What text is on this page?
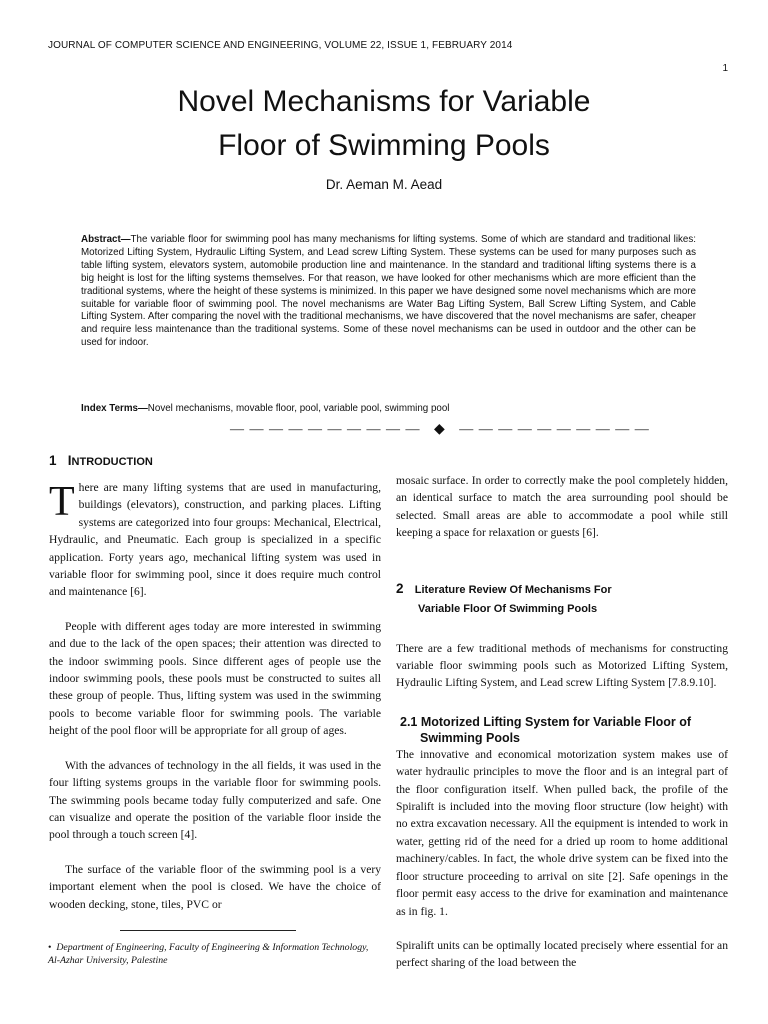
JOURNAL OF COMPUTER SCIENCE AND ENGINEERING, VOLUME 22, ISSUE 1, FEBRUARY 2014
1
Novel Mechanisms for Variable
Floor of Swimming Pools
Dr. Aeman M. Aead
Abstract—The variable floor for swimming pool has many mechanisms for lifting systems. Some of which are standard and traditional likes: Motorized Lifting System, Hydraulic Lifting System, and Lead screw Lifting System. These systems can be used for many purposes such as table lifting system, elevators system, automobile production line and maintenance. In the standard and traditional lifting systems there is a big height is lost for the lifting systems themselves. For that reason, we have looked for other mechanisms which are more efficient than the traditional systems, where the height of these systems is minimized. In this paper we have designed some novel mechanisms which are more suitable for variable floor of swimming pool. The novel mechanisms are Water Bag Lifting System, Ball Screw Lifting System, and Cable Lifting System. After comparing the novel with the traditional mechanisms, we have discovered that the novel mechanisms are safer, cheaper and require less maintenance than the traditional systems. Some of these novel mechanisms can be used in outdoor and the other can be used for indoor.
Index Terms—Novel mechanisms, movable floor, pool, variable pool, swimming pool
— — — — — — — — — —   ◆   — — — — — — — — — —
1 INTRODUCTION

There are many lifting systems that are used in manufacturing, buildings (elevators), construction, and parking places. Lifting systems are categorized into four groups: Mechanical, Electrical, Hydraulic, and Pneumatic. Each group is specialized in a specific application. Forty years ago, mechanical lifting system was used in variable floor for swimming pool, since it does require much control and maintenance [6].

People with different ages today are more interested in swimming and due to the lack of the open spaces; their attention was directed to the indoor swimming pools. Since different ages of people use the indoor swimming pools, these pools must be constructed to suites all these group of people. Thus, lifting system was used in the swimming pools to become variable floor for swimming pools. The variable height of the pool floor will be appropriate for all group of ages.

With the advances of technology in the all fields, it was used in the four lifting systems groups in the variable floor for swimming pools. The swimming pools became today fully computerized and safe. One can visualize and operate the position of the variable floor inside the pool through a touch screen [4].

The surface of the variable floor of the swimming pool is a very important element when the pool is closed. We have the choice of wooden decking, stone, tiles, PVC or

mosaic surface. In order to correctly make the pool completely hidden, an identical surface to match the area surrounding pool should be selected. Small areas are able to accommodate a pool while still keeping a space for relaxation or guests [6].

2 Literature Review Of Mechanisms For
Variable Floor Of Swimming Pools

There are a few traditional methods of mechanisms for constructing variable floor swimming pools such as Motorized Lifting System, Hydraulic Lifting System, and Lead screw Lifting System [7.8.9.10].

2.1 Motorized Lifting System for Variable Floor of
Swimming Pools

The innovative and economical motorization system makes use of water hydraulic principles to move the floor and is an integral part of the floor configuration itself. When pulled back, the profile of the Spiralift is included into the moving floor structure (low height) with no extra excavation necessary. All the equipment is intended to work in water, getting rid of the need for a dried up room to home additional machinery/cables. In fact, the whole drive system can be fixed into the floor structure proceeding to arrival on site [2]. Safe openings in the floor permit easy access to the drive for examination and maintenance as in fig. 1.

Spiralift units can be optimally located precisely where essential for an perfect sharing of the load between the

• Department of Engineering, Faculty of Engineering & Information Technology, Al-Azhar University, Palestine
